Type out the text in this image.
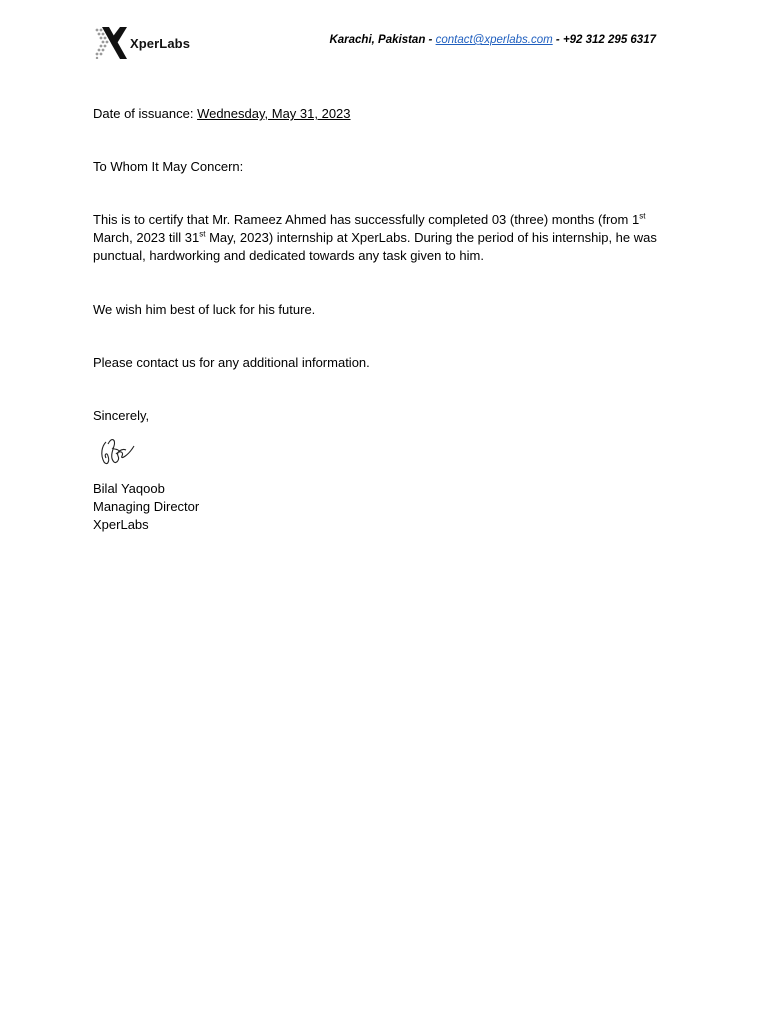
XperLabs	Karachi, Pakistan - contact@xperlabs.com - +92 312 295 6317
Date of issuance: Wednesday, May 31, 2023
To Whom It May Concern:
This is to certify that Mr. Rameez Ahmed has successfully completed 03 (three) months (from 1st March, 2023 till 31st May, 2023) internship at XperLabs. During the period of his internship, he was punctual, hardworking and dedicated towards any task given to him.
We wish him best of luck for his future.
Please contact us for any additional information.
Sincerely,
Bilal Yaqoob
Managing Director
XperLabs
